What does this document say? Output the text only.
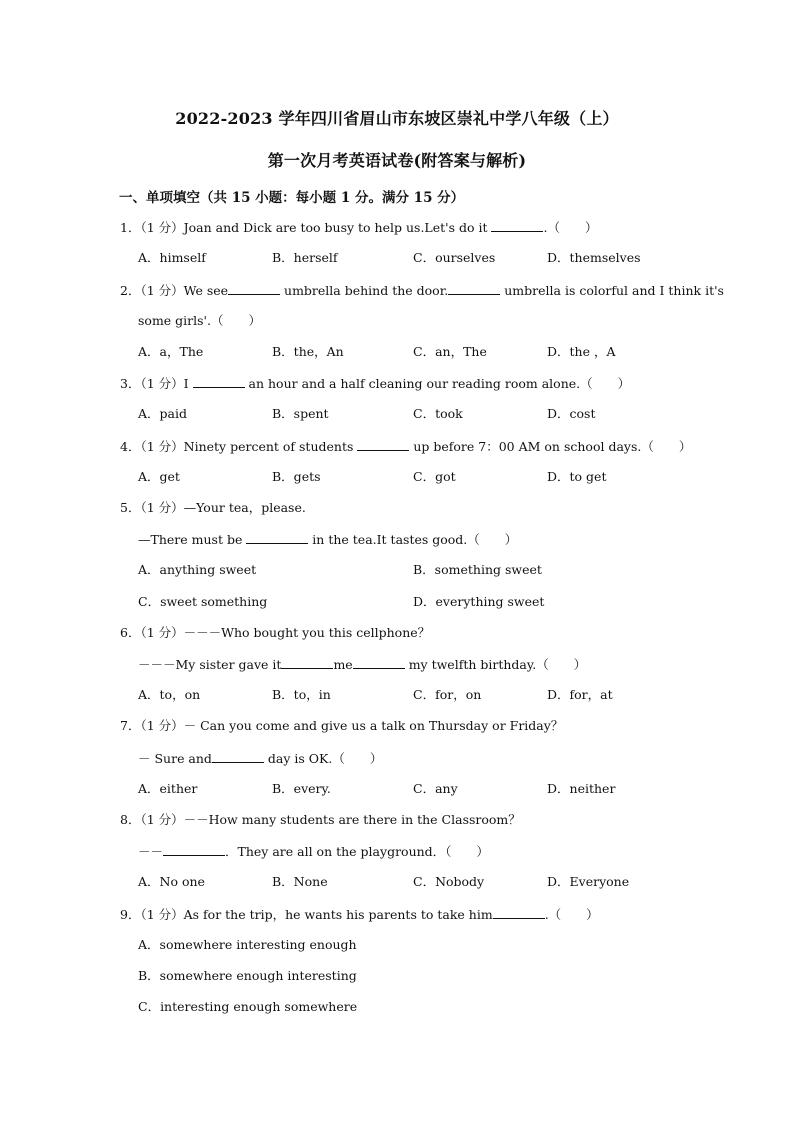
2022-2023 学年四川省眉山市东坡区崇礼中学八年级（上）
第一次月考英语试卷(附答案与解析)
一、单项填空（共 15 小题：每小题 1 分。满分 15 分）
1．（1 分）Joan and Dick are too busy to help us.Let's do it	.（　　）
A．himself	B．herself	C．ourselves	D．themselves
2．（1 分）We see	umbrella behind the door.	umbrella is colorful and I think it's
some girls'.（　　）
A．a，The	B．the，An	C．an，The	D．the ，A
3．（1 分）I	an hour and a half cleaning our reading room alone.（　　）
A．paid	B．spent	C．took	D．cost
4．（1 分）Ninety percent of students	up before 7：00 AM on school days.（　　）
A．get	B．gets	C．got	D．to get
5．（1 分）—Your tea，please.
—There must be	in the tea.It tastes good.（　　）
A．anything sweet	B．something sweet
C．sweet something	D．everything sweet
6．（1 分）－－－Who bought you this cellphone？
－－－My sister gave it	me	my twelfth birthday.（　　）
A．to，on	B．to，in	C．for，on	D．for，at
7．（1 分）－ Can you come and give us a talk on Thursday or Friday？
－ Sure and	day is OK.（　　）
A．either	B．every.	C．any	D．neither
8．（1 分）－－How many students are there in the Classroom？
－－	．They are all on the playground．（　　）
A．No one	B．None	C．Nobody	D．Everyone
9．（1 分）As for the trip，he wants his parents to take him	.（　　）
A．somewhere interesting enough
B．somewhere enough interesting
C．interesting enough somewhere
